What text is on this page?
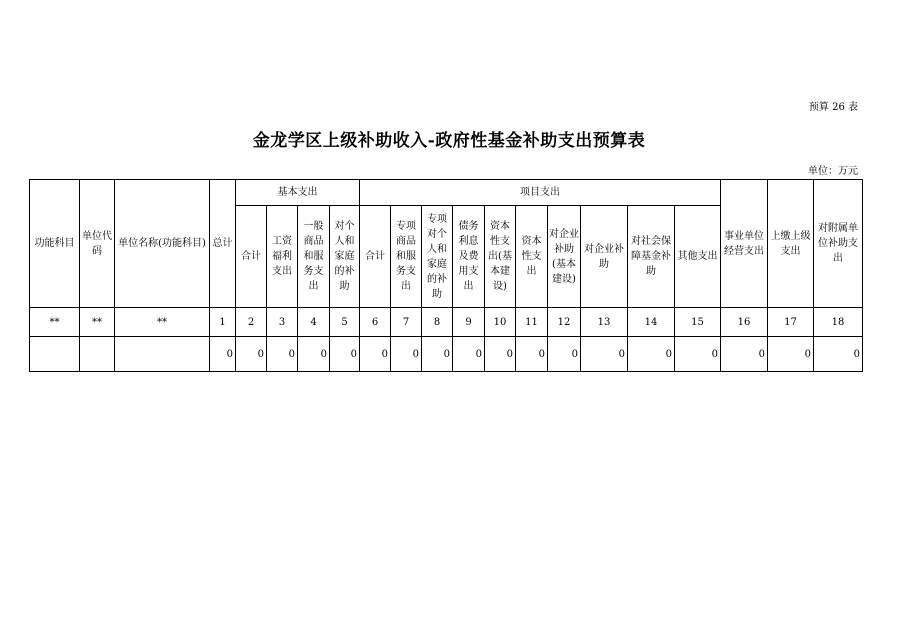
预算 26 表
金龙学区上级补助收入-政府性基金补助支出预算表
单位：万元
功能科目	单位代码	单位名称(功能科目)	总计	基本支出				项目支出										事业单位经营支出	上缴上级支出	对附属单位补助支出
				合计	工资福利支出	一般商品和服务支出	对个人和家庭的补助	合计	专项商品和服务支出	专项对个人和家庭的补助	债务利息及费用支出	资本性支出(基本建设)	资本性支出	对企业补助(基本建设)	对企业补助	对社会保障基金补助	其他支出			
**	**	**	1	2	3	4	5	6	7	8	9	10	11	12	13	14	15	16	17	18
			0	0	0	0	0	0	0	0	0	0	0	0	0	0	0	0	0	0
